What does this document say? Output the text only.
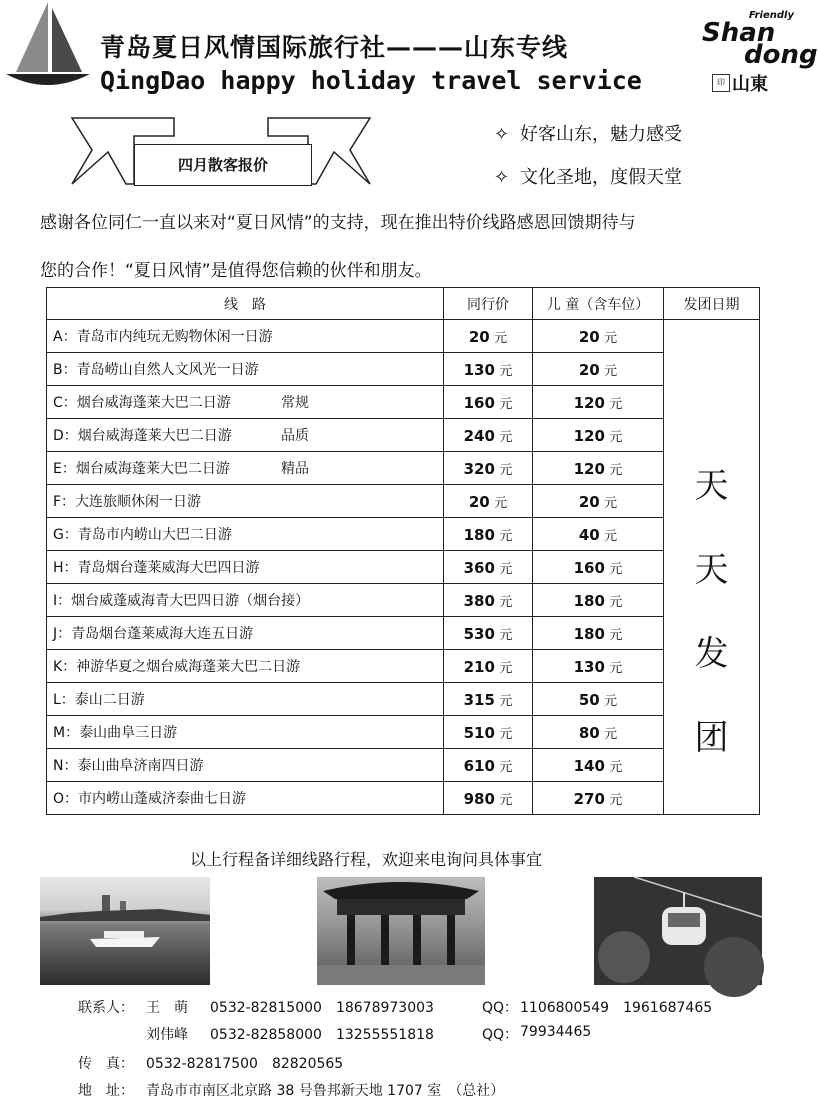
青岛夏日风情国际旅行社———山东专线
QingDao happy holiday travel service
Friendly
Shan
dong
印 山東
四月散客报价
✧ 好客山东，魅力感受
✧ 文化圣地，度假天堂
感谢各位同仁一直以来对“夏日风情”的支持，现在推出特价线路感恩回馈期待与
您的合作！“夏日风情”是值得您信赖的伙伴和朋友。
线　路	同行价	儿 童（含车位）	发团日期
A：青岛市内纯玩无购物休闲一日游	20 元	20 元	天
天
发
团

B：青岛崂山自然人文风光一日游	130 元	20 元	
C：烟台威海蓬莱大巴二日游 常规	160 元	120 元	
D：烟台威海蓬莱大巴二日游 品质	240 元	120 元	
E：烟台威海蓬莱大巴二日游 精品	320 元	120 元	
F：大连旅顺休闲一日游	20 元	20 元	
G：青岛市内崂山大巴二日游	180 元	40 元	
H：青岛烟台蓬莱威海大巴四日游	360 元	160 元	
I：烟台威蓬威海青大巴四日游（烟台接）	380 元	180 元	
J：青岛烟台蓬莱威海大连五日游	530 元	180 元	
K：神游华夏之烟台威海蓬莱大巴二日游	210 元	130 元	
L：泰山二日游	315 元	50 元	
M：泰山曲阜三日游	510 元	80 元	
N：泰山曲阜济南四日游	610 元	140 元	
O：市内崂山蓬威济泰曲七日游	980 元	270 元	
以上行程备详细线路行程，欢迎来电询问具体事宜
联系人： 王　萌 0532-82815000　18678973003	QQ： 1106800549　1961687465
刘伟峰 0532-82858000　13255551818	QQ： 79934465
传　真： 0532-82817500　82820565
地　址： 青岛市市南区北京路 38 号鲁邦新天地 1707 室　（总社）
